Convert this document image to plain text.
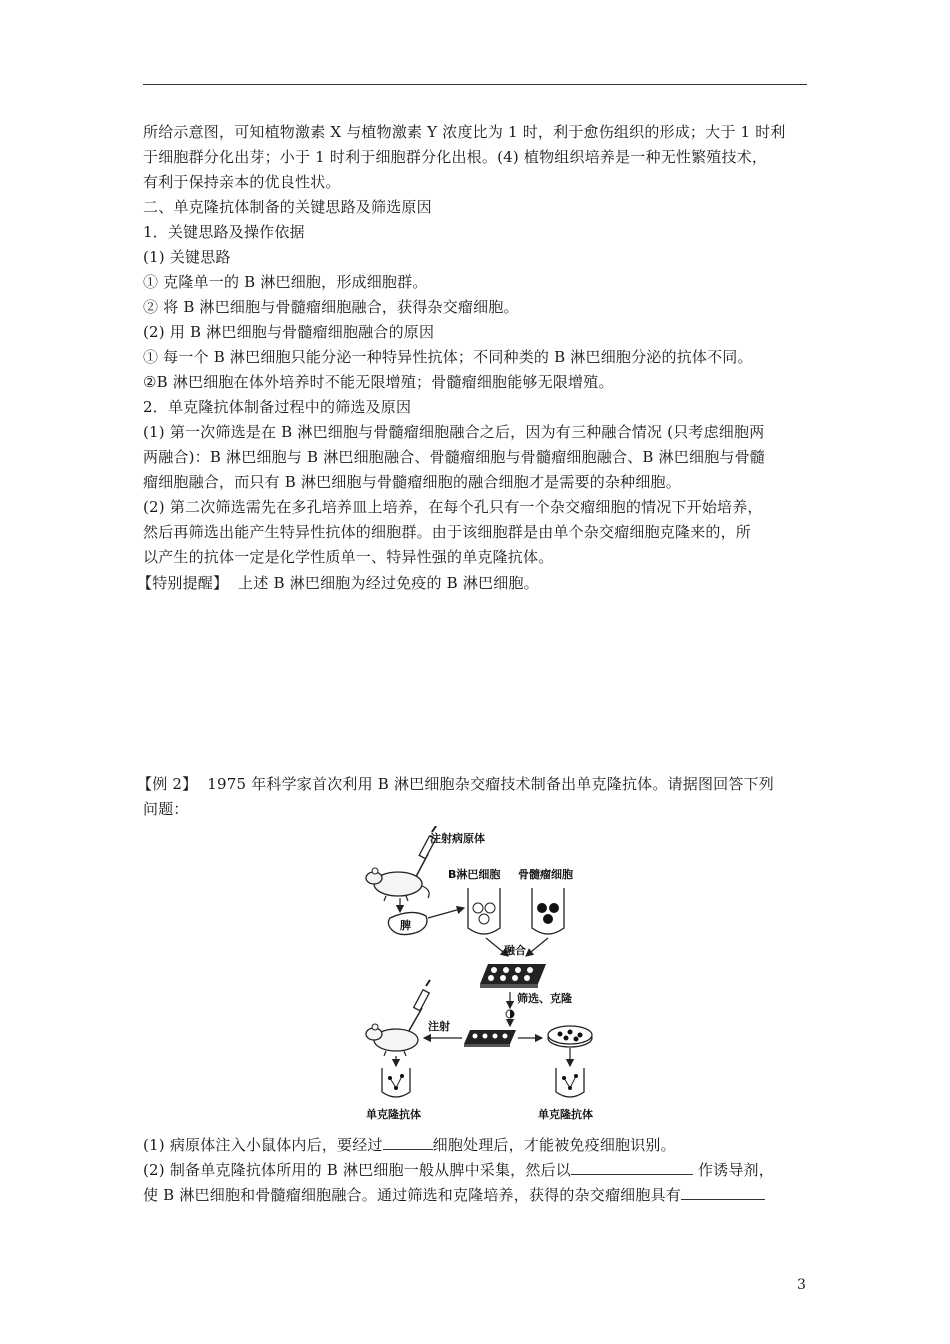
所给示意图，可知植物激素 X 与植物激素 Y 浓度比为 1 时，利于愈伤组织的形成；大于 1 时利
于细胞群分化出芽；小于 1 时利于细胞群分化出根。(4) 植物组织培养是一种无性繁殖技术，
有利于保持亲本的优良性状。
二、单克隆抗体制备的关键思路及筛选原因
1．关键思路及操作依据
(1) 关键思路
① 克隆单一的 B 淋巴细胞，形成细胞群。
② 将 B 淋巴细胞与骨髓瘤细胞融合，获得杂交瘤细胞。
(2) 用 B 淋巴细胞与骨髓瘤细胞融合的原因
① 每一个 B 淋巴细胞只能分泌一种特异性抗体；不同种类的 B 淋巴细胞分泌的抗体不同。
②B 淋巴细胞在体外培养时不能无限增殖；骨髓瘤细胞能够无限增殖。
2．单克隆抗体制备过程中的筛选及原因
(1) 第一次筛选是在 B 淋巴细胞与骨髓瘤细胞融合之后，因为有三种融合情况 (只考虑细胞两
两融合)：B 淋巴细胞与 B 淋巴细胞融合、骨髓瘤细胞与骨髓瘤细胞融合、B 淋巴细胞与骨髓
瘤细胞融合，而只有 B 淋巴细胞与骨髓瘤细胞的融合细胞才是需要的杂种细胞。
(2) 第二次筛选需先在多孔培养皿上培养，在每个孔只有一个杂交瘤细胞的情况下开始培养，
然后再筛选出能产生特异性抗体的细胞群。由于该细胞群是由单个杂交瘤细胞克隆来的，所
以产生的抗体一定是化学性质单一、特异性强的单克隆抗体。
【特别提醒】 上述 B 淋巴细胞为经过免疫的 B 淋巴细胞。
【例 2】 1975 年科学家首次利用 B 淋巴细胞杂交瘤技术制备出单克隆抗体。请据图回答下列
问题：
注射病原体
脾
B淋巴细胞 骨髓瘤细胞
融合
筛选、克隆
注射
单克隆抗体	单克隆抗体
(1) 病原体注入小鼠体内后，要经过	细胞处理后，才能被免疫细胞识别。
(2) 制备单克隆抗体所用的 B 淋巴细胞一般从脾中采集，然后以	作诱导剂，
使 B 淋巴细胞和骨髓瘤细胞融合。通过筛选和克隆培养，获得的杂交瘤细胞具有
3
